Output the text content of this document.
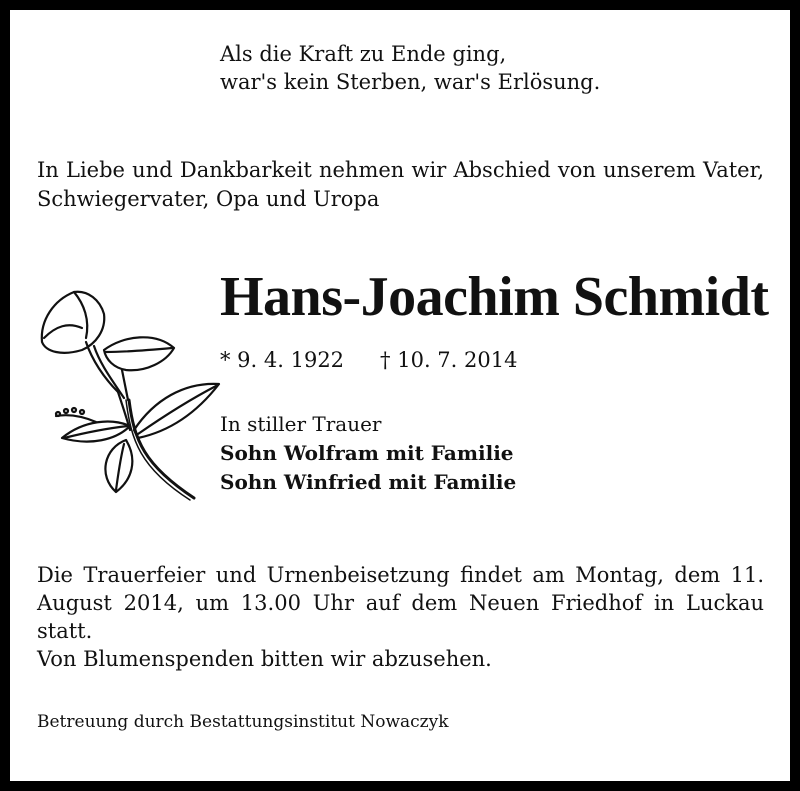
Als die Kraft zu Ende ging,
war's kein Sterben, war's Erlösung.
In Liebe und Dankbarkeit nehmen wir Abschied von unserem Vater, Schwiegervater, Opa und Uropa
Hans-Joachim Schmidt
* 9. 4. 1922 † 10. 7. 2014
In stiller Trauer
Sohn Wolfram mit Familie
Sohn Winfried mit Familie
Die Trauerfeier und Urnenbeisetzung findet am Montag, dem 11. August 2014, um 13.00 Uhr auf dem Neuen Friedhof in Luckau statt.
Von Blumenspenden bitten wir abzusehen.
Betreuung durch Bestattungsinstitut Nowaczyk
